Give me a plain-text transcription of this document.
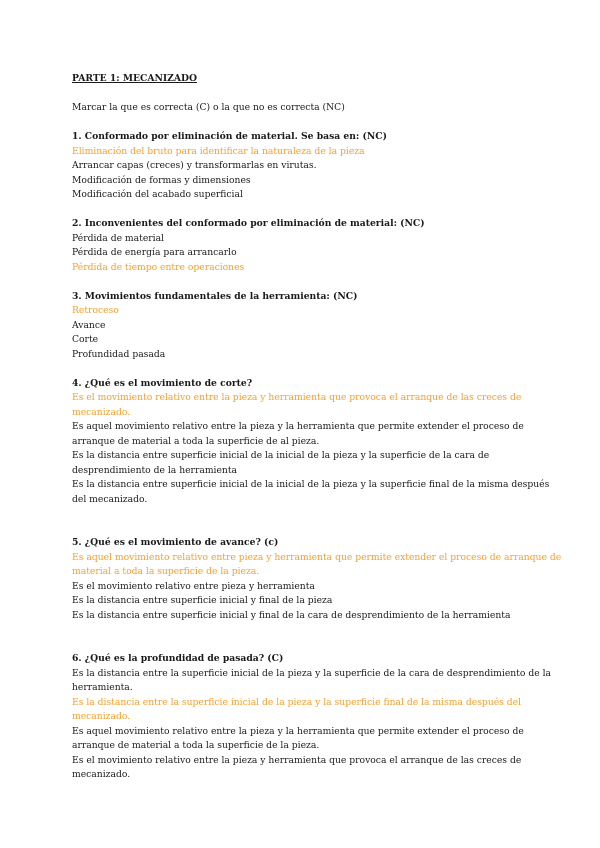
PARTE 1: MECANIZADO
Marcar la que es correcta (C) o la que no es correcta (NC)
1. Conformado por eliminación de material. Se basa en: (NC)
Eliminación del bruto para identificar la naturaleza de la pieza
Arrancar capas (creces) y transformarlas en virutas.
Modificación de formas y dimensiones
Modificación del acabado superficial
2. Inconvenientes del conformado por eliminación de material: (NC)
Pérdida de material
Pérdida de energía para arrancarlo
Pérdida de tiempo entre operaciones
3. Movimientos fundamentales de la herramienta: (NC)
Retroceso
Avance
Corte
Profundidad pasada
4. ¿Qué es el movimiento de corte?
Es el movimiento relativo entre la pieza y herramienta que provoca el arranque de las creces de
mecanizado.
Es aquel movimiento relativo entre la pieza y la herramienta que permite extender el proceso de
arranque de material a toda la superficie de al pieza.
Es la distancia entre superficie inicial de la inicial de la pieza y la superficie de la cara de
desprendimiento de la herramienta
Es la distancia entre superficie inicial de la inicial de la pieza y la superficie final de la misma después
del mecanizado.
5. ¿Qué es el movimiento de avance? (c)
Es aquel movimiento relativo entre pieza y herramienta que permite extender el proceso de arranque de
material a toda la superficie de la pieza.
Es el movimiento relativo entre pieza y herramienta
Es la distancia entre superficie inicial y final de la pieza
Es la distancia entre superficie inicial y final de la cara de desprendimiento de la herramienta
6. ¿Qué es la profundidad de pasada? (C)
Es la distancia entre la superficie inicial de la pieza y la superficie de la cara de desprendimiento de la
herramienta.
Es la distancia entre la superficie inicial de la pieza y la superficie final de la misma después del
mecanizado.
Es aquel movimiento relativo entre la pieza y la herramienta que permite extender el proceso de
arranque de material a toda la superficie de la pieza.
Es el movimiento relativo entre la pieza y herramienta que provoca el arranque de las creces de
mecanizado.
